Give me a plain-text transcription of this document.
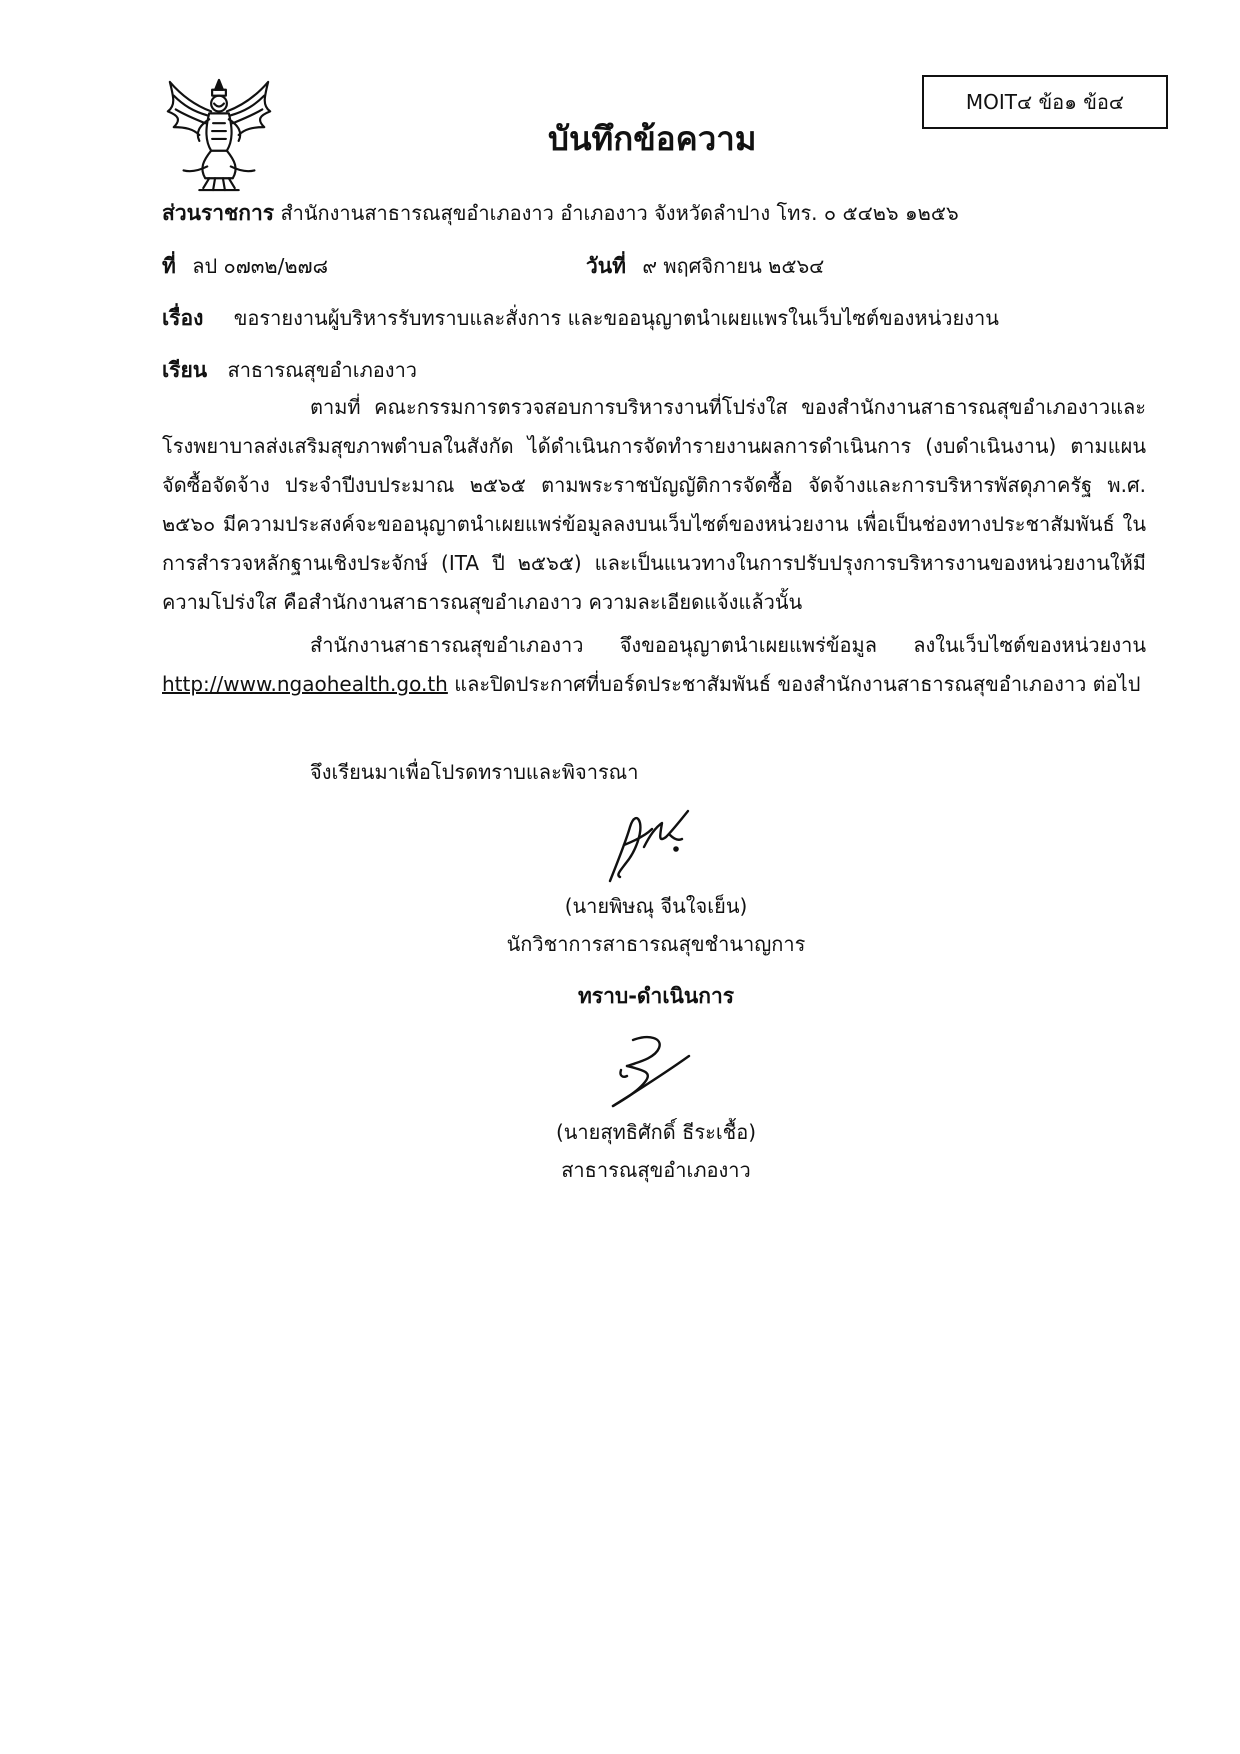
บันทึกข้อความ
MOIT๔ ข้อ๑ ข้อ๔
ส่วนราชการ สำนักงานสาธารณสุขอำเภองาว อำเภองาว จังหวัดลำปาง โทร. ๐ ๕๔๒๖ ๑๒๕๖
ที่ ลป ๐๗๓๒/๒๗๘	วันที่ ๙ พฤศจิกายน ๒๕๖๔
เรื่อง ขอรายงานผู้บริหารรับทราบและสั่งการ และขออนุญาตนำเผยแพรในเว็บไซต์ของหน่วยงาน
เรียน สาธารณสุขอำเภองาว
ตามที่ คณะกรรมการตรวจสอบการบริหารงานที่โปร่งใส ของสำนักงานสาธารณสุขอำเภองาวและโรงพยาบาลส่งเสริมสุขภาพตำบลในสังกัด ได้ดำเนินการจัดทำรายงานผลการดำเนินการ (งบดำเนินงาน) ตามแผนจัดซื้อจัดจ้าง ประจำปีงบประมาณ ๒๕๖๕ ตามพระราชบัญญัติการจัดซื้อ จัดจ้างและการบริหารพัสดุภาครัฐ พ.ศ. ๒๕๖๐ มีความประสงค์จะขออนุญาตนำเผยแพร่ข้อมูลลงบนเว็บไซต์ของหน่วยงาน เพื่อเป็นช่องทางประชาสัมพันธ์ ในการสำรวจหลักฐานเชิงประจักษ์ (ITA ปี ๒๕๖๕) และเป็นแนวทางในการปรับปรุงการบริหารงานของหน่วยงานให้มีความโปร่งใส คือสำนักงานสาธารณสุขอำเภองาว ความละเอียดแจ้งแล้วนั้น
สำนักงานสาธารณสุขอำเภองาว จึงขออนุญาตนำเผยแพร่ข้อมูล ลงในเว็บไซต์ของหน่วยงาน http://www.ngaohealth.go.th และปิดประกาศที่บอร์ดประชาสัมพันธ์ ของสำนักงานสาธารณสุขอำเภองาว ต่อไป
จึงเรียนมาเพื่อโปรดทราบและพิจารณา
(นายพิษณุ จีนใจเย็น)
นักวิชาการสาธารณสุขชำนาญการ
ทราบ-ดำเนินการ
(นายสุทธิศักดิ์ ธีระเชื้อ)
สาธารณสุขอำเภองาว
